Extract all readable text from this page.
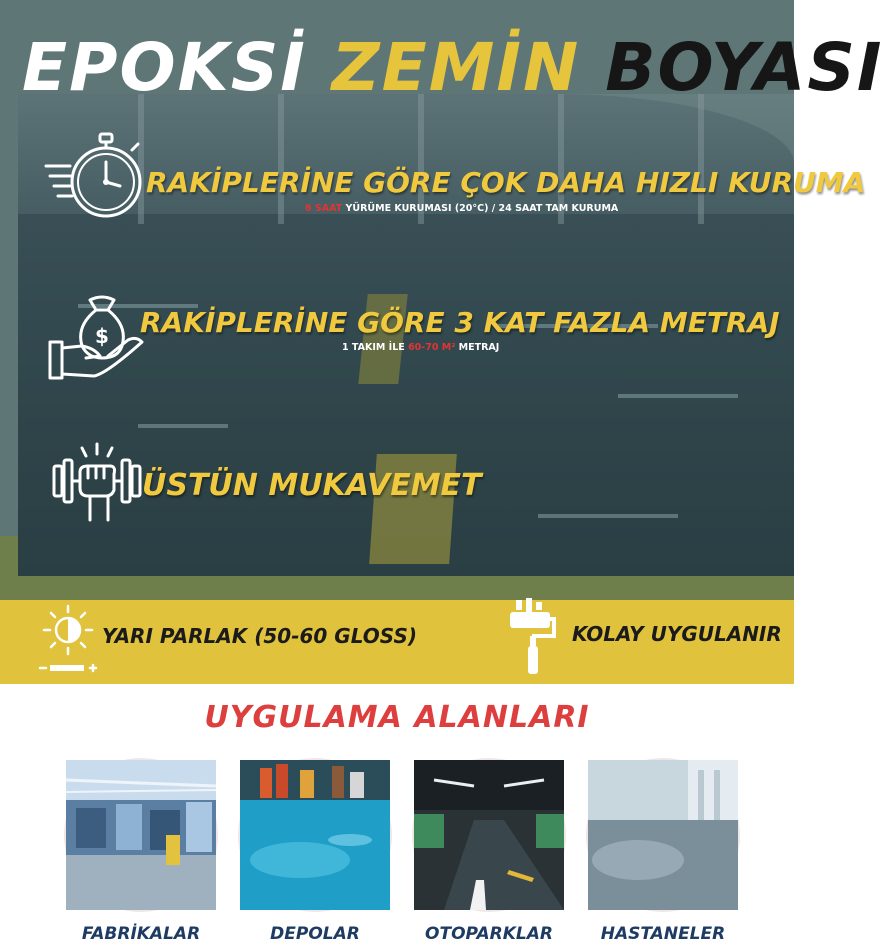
EPOKSİ ZEMİN BOYASI
RAKİPLERİNE GÖRE ÇOK DAHA HIZLI KURUMA
6 SAAT YÜRÜME KURUMASI (20°C) / 24 SAAT TAM KURUMA
$ RAKİPLERİNE GÖRE 3 KAT FAZLA METRAJ
1 TAKIM İLE 60-70 M² METRAJ
ÜSTÜN MUKAVEMET
YARI PARLAK (50-60 GLOSS)	KOLAY UYGULANIR
UYGULAMA ALANLARI
FABRİKALAR	DEPOLAR	OTOPARKLAR	HASTANELER
